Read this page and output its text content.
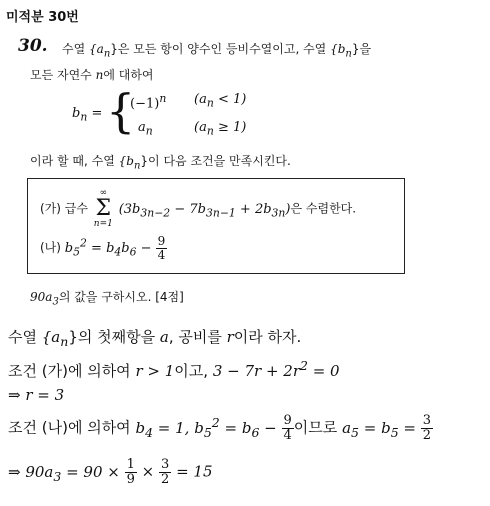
미적분 30번
30. 수열 $\{a_n\}$은 모든 항이 양수인 등비수열이고, 수열 $\{b_n\}$을
모든 자연수 n에 대하여
$b_n$ = {
$(-1)^n$ $(a_n < 1)$
$a_n$	$(a_n \ge 1)$
이라 할 때, 수열 $\{b_n\}$이 다음 조건을 만족시킨다.
(가) 급수
∞
Σ
n=1
$(3b_{3n-2} - 7b_{3n-1} + 2b_{3n})$은 수렴한다.
(나) $b_5^2 = b_4b_6 - \frac{9}{4}$
$90a_3$의 값을 구하시오. [4점]
수열 $\{a_n\}$의 첫째항을 a, 공비를 r이라 하자.
조건 (가)에 의하여 r > 1이고, $3 - 7r + 2r^2 = 0$
⇒ r = 3
조건 (나)에 의하여 $b_4 = 1$, $b_5^2 = b_6 - \frac{9}{4}$ 이므로 $a_5 = b_5 = \frac{3}{2}$
⇒ $90a_3 = 90 \times \frac{1}{9} \times \frac{3}{2} = 15$
